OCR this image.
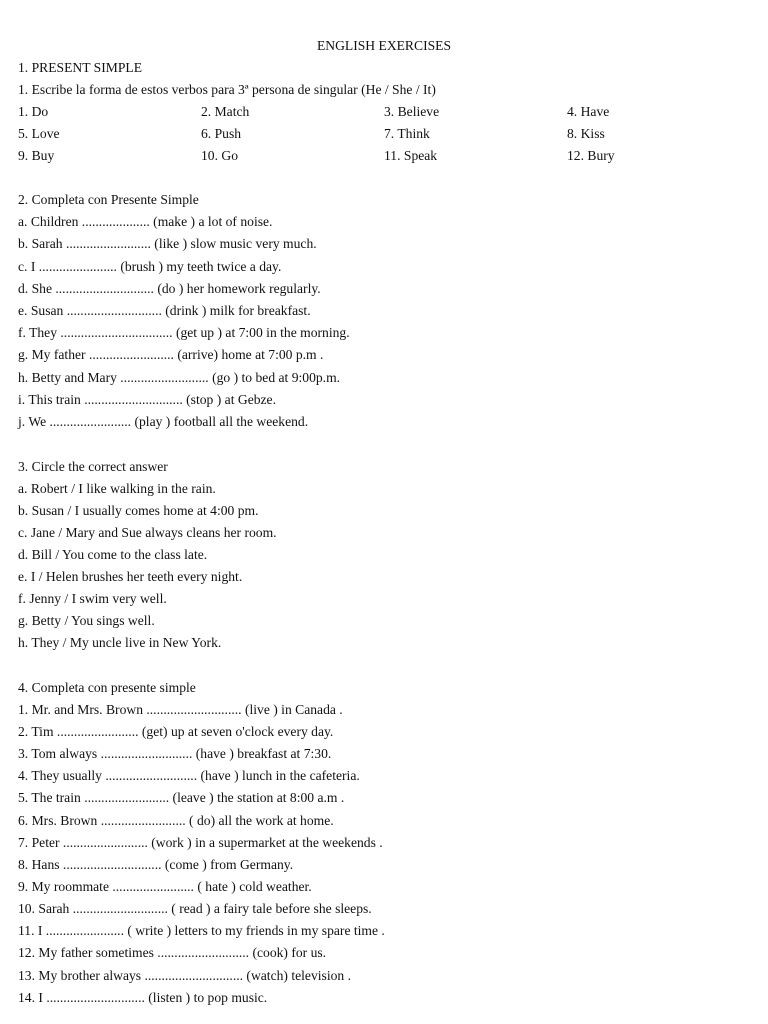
ENGLISH EXERCISES
1. PRESENT SIMPLE
1. Escribe la forma de estos verbos para 3ª persona de singular (He / She / It)
1. Do	2. Match	3. Believe	4. Have
5. Love	6. Push	7. Think	8. Kiss
9. Buy	10. Go	11. Speak	12. Bury
2. Completa con Presente Simple
a. Children .................... (make ) a lot of noise.
b. Sarah ......................... (like ) slow music very much.
c. I ....................... (brush ) my teeth twice a day.
d. She ............................. (do ) her homework regularly.
e. Susan ............................ (drink ) milk for breakfast.
f. They ................................. (get up ) at 7:00 in the morning.
g. My father ......................... (arrive) home at 7:00 p.m .
h. Betty and Mary .......................... (go ) to bed at 9:00p.m.
i. This train ............................. (stop ) at Gebze.
j. We ........................ (play ) football all the weekend.
3. Circle the correct answer
a. Robert / I like walking in the rain.
b. Susan / I usually comes home at 4:00 pm.
c. Jane / Mary and Sue always cleans her room.
d. Bill / You come to the class late.
e. I / Helen brushes her teeth every night.
f. Jenny / I swim very well.
g. Betty / You sings well.
h. They / My uncle live in New York.
4. Completa con presente simple
1. Mr. and Mrs. Brown ............................ (live ) in Canada .
2. Tim ........................ (get) up at seven o'clock every day.
3. Tom always ........................... (have ) breakfast at 7:30.
4. They usually ........................... (have ) lunch in the cafeteria.
5. The train ......................... (leave ) the station at 8:00 a.m .
6. Mrs. Brown ......................... ( do) all the work at home.
7. Peter ......................... (work ) in a supermarket at the weekends .
8. Hans ............................. (come ) from Germany.
9. My roommate ........................ ( hate ) cold weather.
10. Sarah ............................ ( read ) a fairy tale before she sleeps.
11. I ....................... ( write ) letters to my friends in my spare time .
12. My father sometimes ........................... (cook) for us.
13. My brother always ............................. (watch) television .
14. I ............................. (listen ) to pop music.
